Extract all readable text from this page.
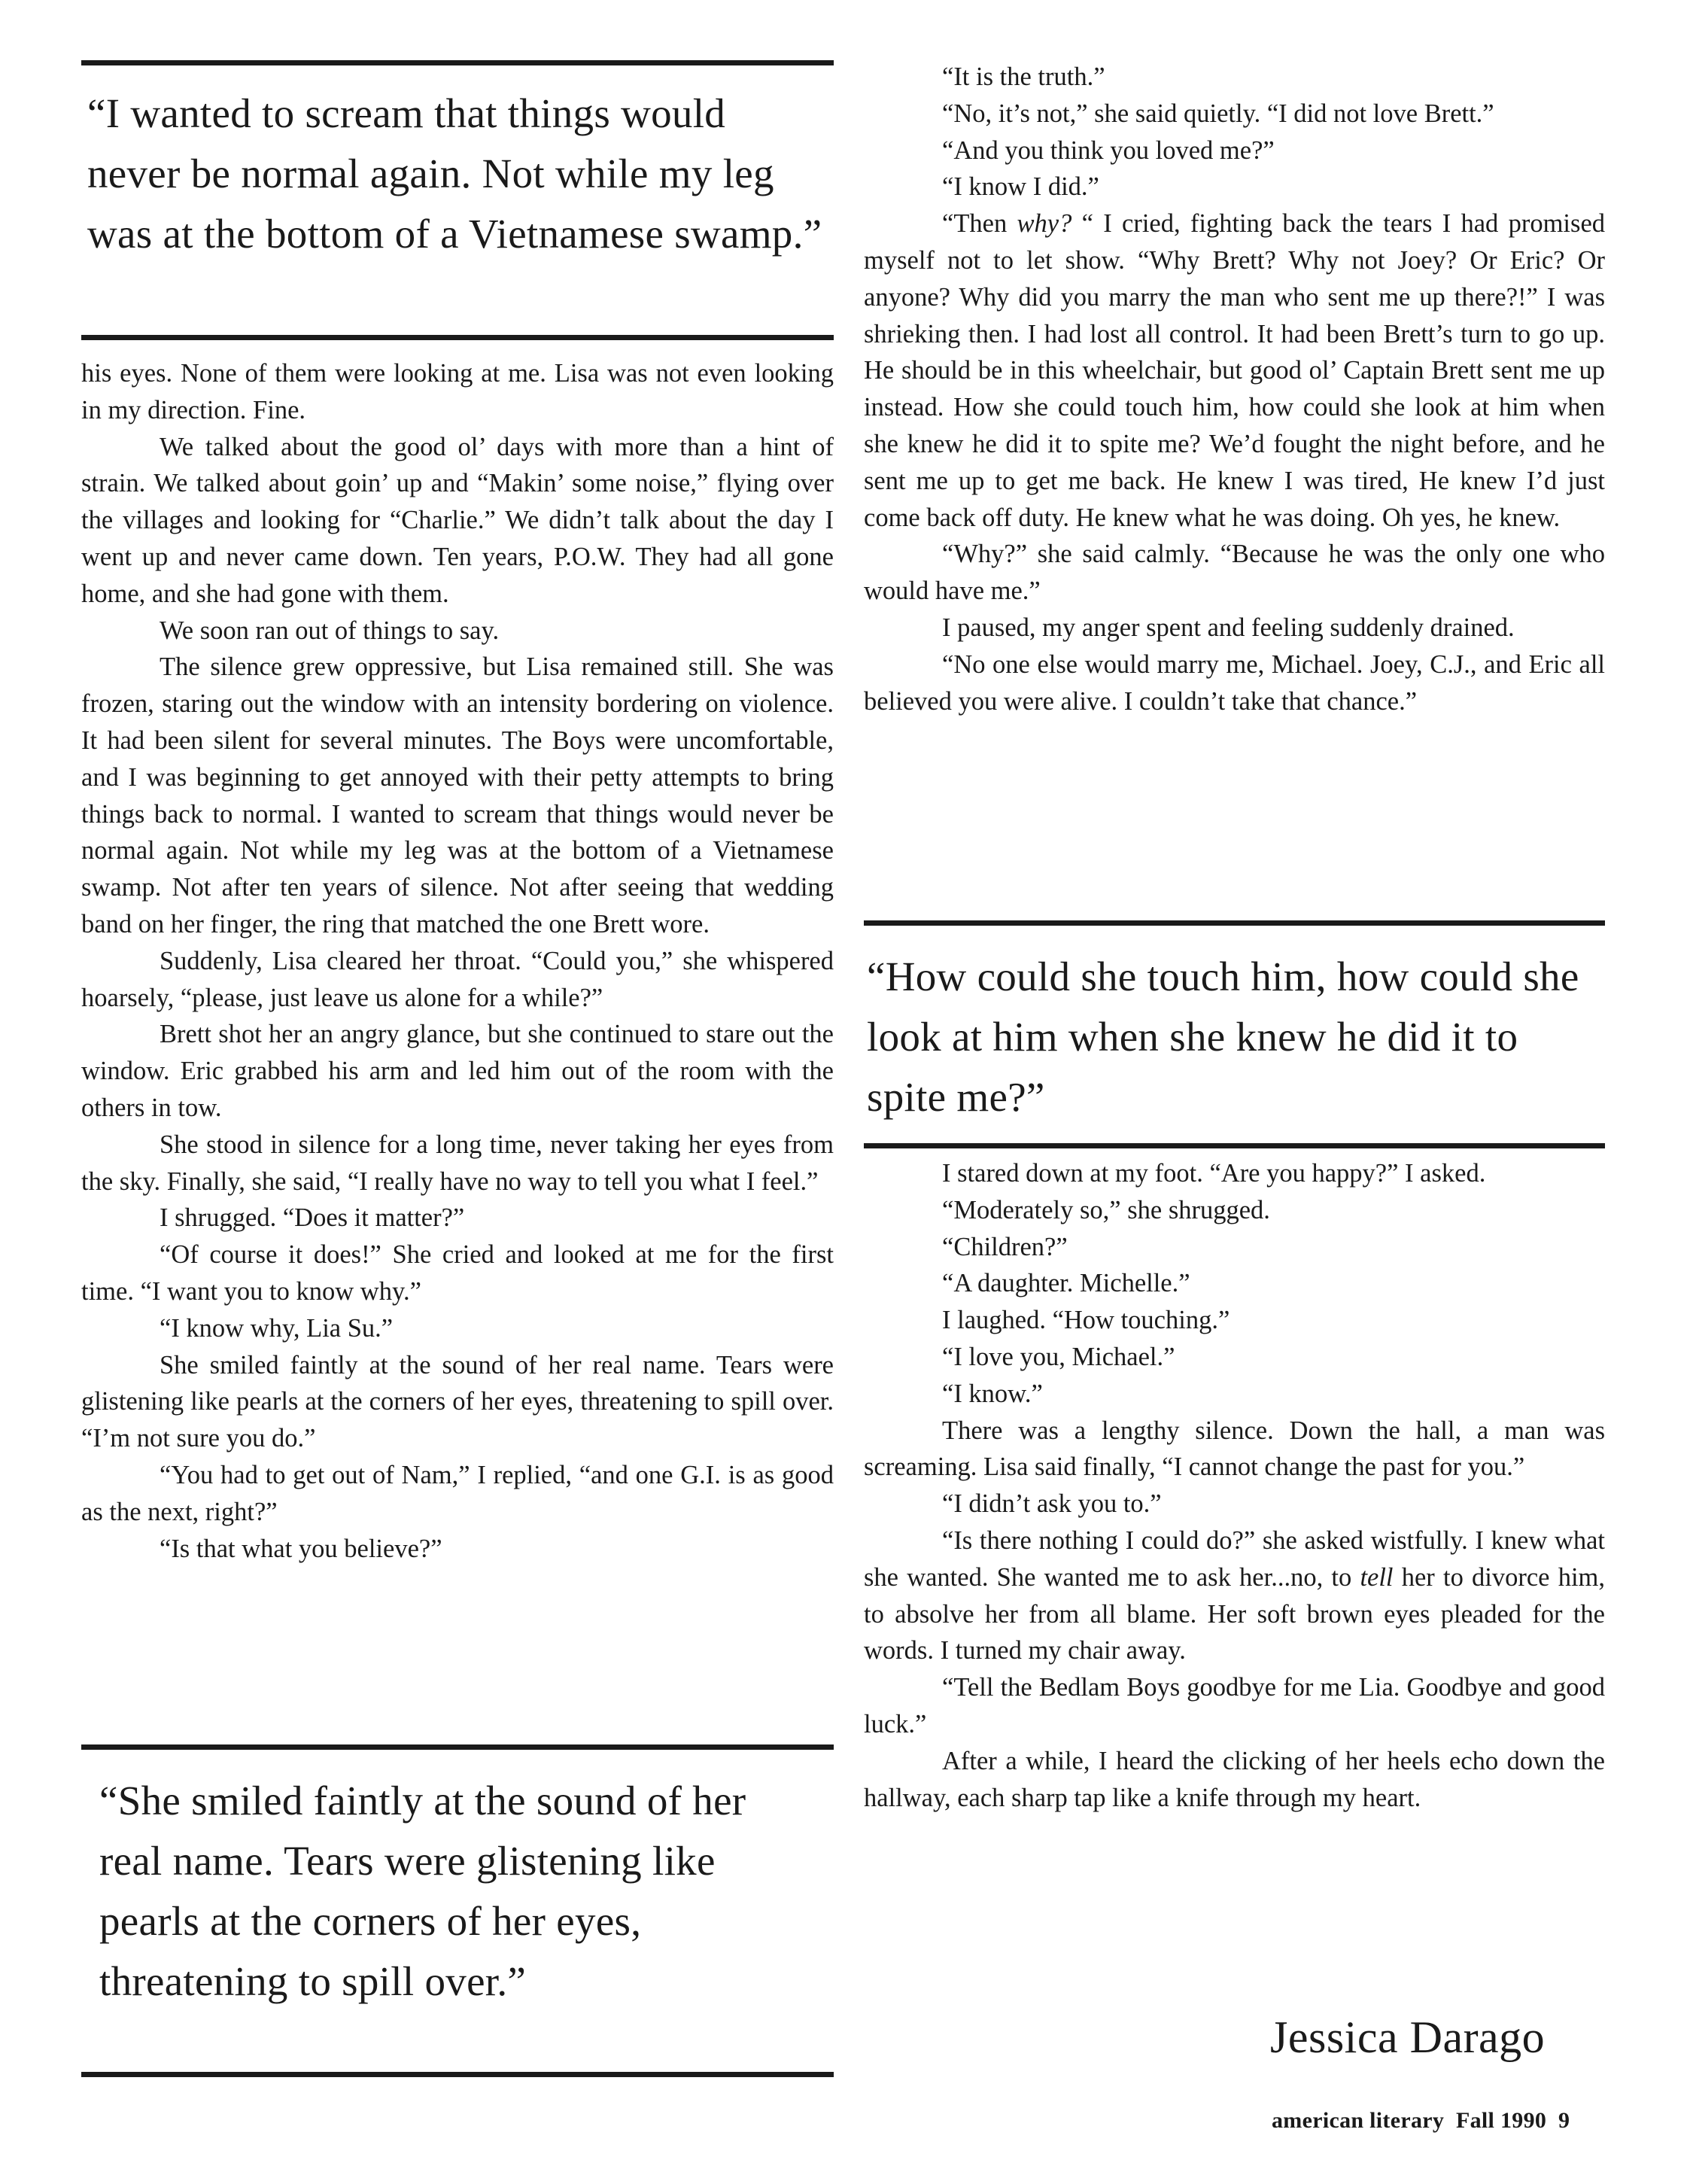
“I wanted to scream that things would never be normal again. Not while my leg was at the bottom of a Vietnamese swamp.”

his eyes. None of them were looking at me. Lisa was not even looking in my direction. Fine.

We talked about the good ol’ days with more than a hint of strain. We talked about goin’ up and “Makin’ some noise,” flying over the villages and looking for “Charlie.” We didn’t talk about the day I went up and never came down. Ten years, P.O.W. They had all gone home, and she had gone with them.

We soon ran out of things to say.

The silence grew oppressive, but Lisa remained still. She was frozen, staring out the window with an intensity bordering on violence. It had been silent for several minutes. The Boys were uncomfortable, and I was beginning to get annoyed with their petty attempts to bring things back to normal. I wanted to scream that things would never be normal again. Not while my leg was at the bottom of a Vietnamese swamp. Not after ten years of silence. Not after seeing that wedding band on her finger, the ring that matched the one Brett wore.

Suddenly, Lisa cleared her throat. “Could you,” she whispered hoarsely, “please, just leave us alone for a while?”

Brett shot her an angry glance, but she continued to stare out the window. Eric grabbed his arm and led him out of the room with the others in tow.

She stood in silence for a long time, never taking her eyes from the sky. Finally, she said, “I really have no way to tell you what I feel.”

I shrugged. “Does it matter?”

“Of course it does!” She cried and looked at me for the first time. “I want you to know why.”

“I know why, Lia Su.”

She smiled faintly at the sound of her real name. Tears were glistening like pearls at the corners of her eyes, threatening to spill over. “I’m not sure you do.”

“You had to get out of Nam,” I replied, “and one G.I. is as good as the next, right?”

“Is that what you believe?”

“She smiled faintly at the sound of her real name. Tears were glistening like pearls at the corners of her eyes, threatening to spill over.”

“It is the truth.”

“No, it’s not,” she said quietly. “I did not love Brett.”

“And you think you loved me?”

“I know I did.”

“Then why? “ I cried, fighting back the tears I had promised myself not to let show. “Why Brett? Why not Joey? Or Eric? Or anyone? Why did you marry the man who sent me up there?!” I was shrieking then. I had lost all control. It had been Brett’s turn to go up. He should be in this wheelchair, but good ol’ Captain Brett sent me up instead. How she could touch him, how could she look at him when she knew he did it to spite me? We’d fought the night before, and he sent me up to get me back. He knew I was tired, He knew I’d just come back off duty. He knew what he was doing. Oh yes, he knew.

“Why?” she said calmly. “Because he was the only one who would have me.”

I paused, my anger spent and feeling suddenly drained.

“No one else would marry me, Michael. Joey, C.J., and Eric all believed you were alive. I couldn’t take that chance.”

“How could she touch him, how could she look at him when she knew he did it to spite me?”

I stared down at my foot. “Are you happy?” I asked.

“Moderately so,” she shrugged.

“Children?”

“A daughter. Michelle.”

I laughed. “How touching.”

“I love you, Michael.”

“I know.”

There was a lengthy silence. Down the hall, a man was screaming. Lisa said finally, “I cannot change the past for you.”

“I didn’t ask you to.”

“Is there nothing I could do?” she asked wistfully. I knew what she wanted. She wanted me to ask her...no, to tell her to divorce him, to absolve her from all blame. Her soft brown eyes pleaded for the words. I turned my chair away.

“Tell the Bedlam Boys goodbye for me Lia. Goodbye and good luck.”

After a while, I heard the clicking of her heels echo down the hallway, each sharp tap like a knife through my heart.

Jessica Darago
american literary Fall 1990 9
